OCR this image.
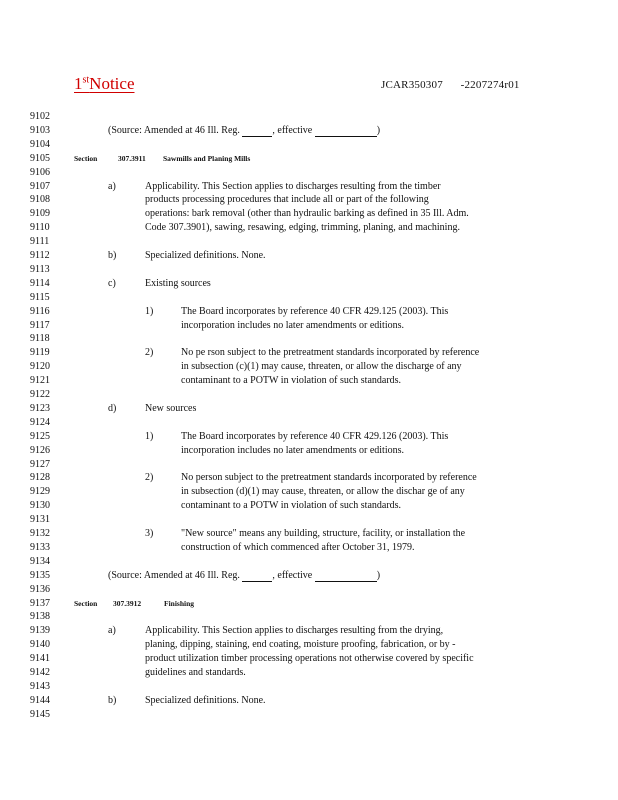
1stNotice	JCAR350307 -2207274r01
9102
9103
9104
9105
9106
9107
9108
9109
9110
9111
9112
9113
9114
9115
9116
9117
9118
9119
9120
9121
9122
9123
9124
9125
9126
9127
9128
9129
9130
9131
9132
9133
9134
9135
9136
9137
9138
9139
9140
9141
9142
9143
9144
9145
(Source: Amended at 46 Ill. Reg.	, effective	)
Section	307.3911 Sawmills and Planing Mills
a)	Applicability. This Section applies to discharges resulting from the timber
products processing procedures that include all or part of the following
operations: bark removal (other than hydraulic barking as defined in 35 Ill. Adm.
Code 307.3901), sawing, resawing, edging, trimming, planing, and machining.
b)	Specialized definitions. None.
c)	Existing sources
1)	The Board incorporates by reference 40 CFR 429.125 (2003). This
incorporation includes no later amendments or editions.
2)	No pe rson subject to the pretreatment standards incorporated by reference
in subsection (c)(1) may cause, threaten, or allow the discharge of any
contaminant to a POTW in violation of such standards.
d)	New sources
1)	The Board incorporates by reference 40 CFR 429.126 (2003). This
incorporation includes no later amendments or editions.
2)	No person subject to the pretreatment standards incorporated by reference
in subsection (d)(1) may cause, threaten, or allow the dischar ge of any
contaminant to a POTW in violation of such standards.
3)	"New source" means any building, structure, facility, or installation the
construction of which commenced after October 31, 1979.
(Source: Amended at 46 Ill. Reg.	, effective	)
Section 307.3912	Finishing
a)	Applicability. This Section applies to discharges resulting from the drying,
planing, dipping, staining, end coating, moisture proofing, fabrication, or by -
product utilization timber processing operations not otherwise covered by specific
guidelines and standards.
b)	Specialized definitions. None.
